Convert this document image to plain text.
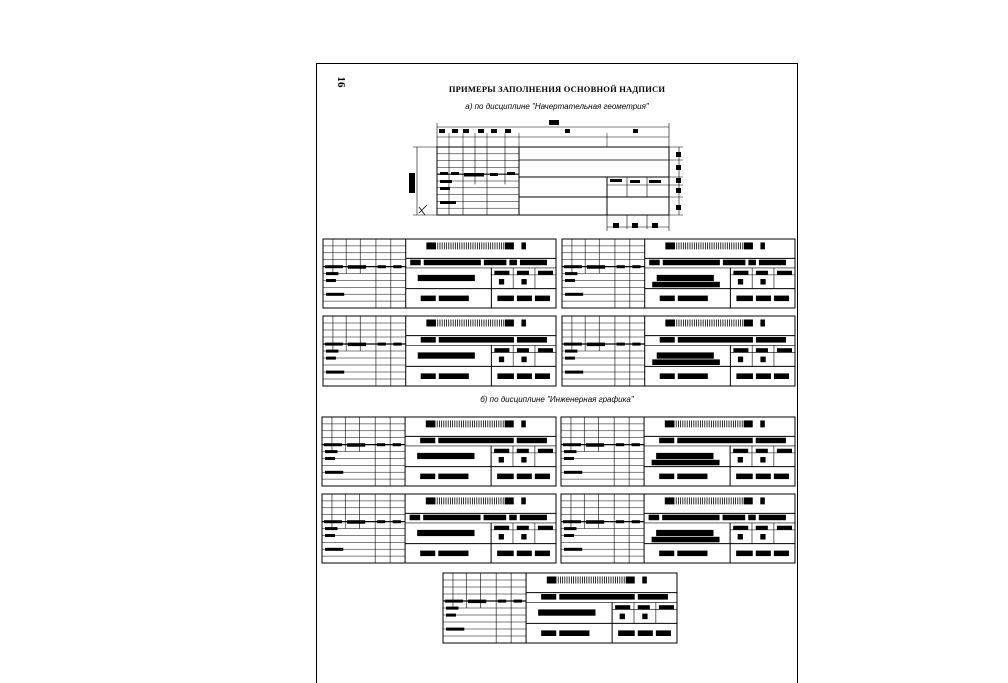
16
ПРИМЕРЫ ЗАПОЛНЕНИЯ ОСНОВНОЙ НАДПИСИ
а) по дисциплине "Начертательная геометрия"
б) по дисциплине "Инженерная графика"
